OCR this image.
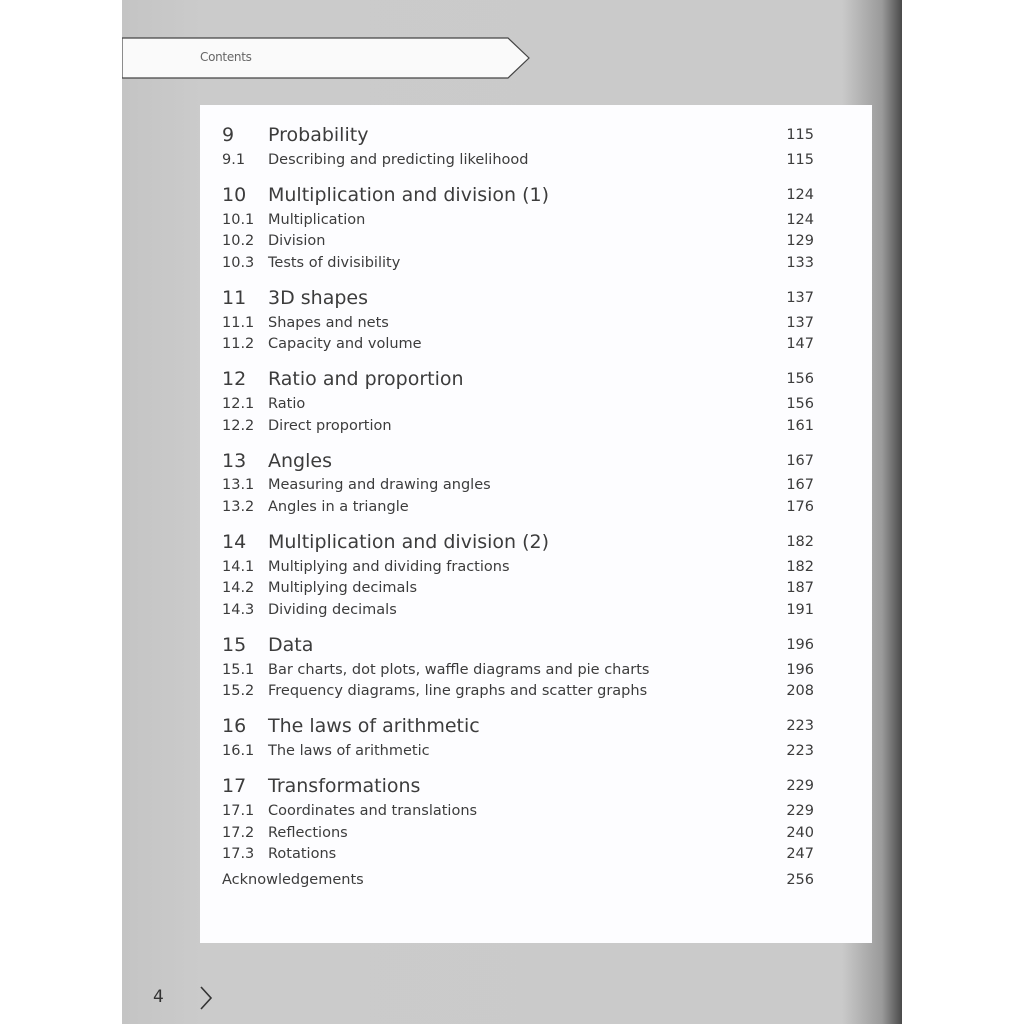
Contents
9	Probability	115
9.1	Describing and predicting likelihood	115
10	Multiplication and division (1)	124
10.1 Multiplication	124
10.2 Division	129
10.3 Tests of divisibility	133
11	3D shapes	137
11.1 Shapes and nets	137
11.2 Capacity and volume	147
12	Ratio and proportion	156
12.1 Ratio	156
12.2 Direct proportion	161
13	Angles	167
13.1 Measuring and drawing angles	167
13.2 Angles in a triangle	176
14	Multiplication and division (2)	182
14.1 Multiplying and dividing fractions	182
14.2 Multiplying decimals	187
14.3 Dividing decimals	191
15	Data	196
15.1 Bar charts, dot plots, waffle diagrams and pie charts	196
15.2 Frequency diagrams, line graphs and scatter graphs	208
16	The laws of arithmetic	223
16.1 The laws of arithmetic	223
17	Transformations	229
17.1 Coordinates and translations	229
17.2 Reflections	240
17.3 Rotations	247
Acknowledgements	256
4
